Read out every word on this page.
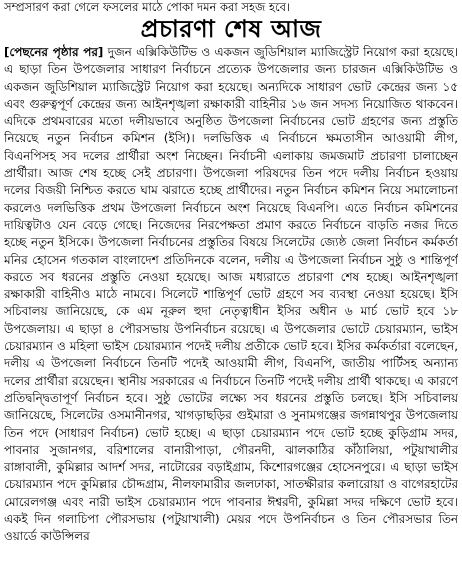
সম্প্রসারণ করা গেলে ফসলের মাঠে পোকা দমন করা সহজ হবে।
প্রচারণা শেষ আজ

[পেছনের পৃষ্ঠার পর] দুজন এক্সিকিউটিভ ও একজন জুডিশিয়াল ম্যাজিস্ট্রেট নিয়োগ করা হয়েছে। এ ছাড়া তিন উপজেলার সাধারণ নির্বাচনে প্রত্যেক উপজেলার জন্য চারজন এক্সিকিউটিভ ও একজন জুডিশিয়াল ম্যাজিস্ট্রেট নিয়োগ করা হয়েছে। অন্যদিকে সাধারণ ভোট কেন্দ্রের জন্য ১৫ এবং গুরুত্বপূর্ণ কেন্দ্রের জন্য আইনশৃঙ্খলা রক্ষাকারী বাহিনীর ১৬ জন সদস্য নিয়োজিত থাকবেন। এদিকে প্রথমবারের মতো দলীয়ভাবে অনুষ্ঠিত উপজেলা নির্বাচনের ভোট গ্রহণের জন্য প্রস্তুতি নিয়েছে নতুন নির্বাচন কমিশন (ইসি)। দলভিত্তিক এ নির্বাচনে ক্ষমতাসীন আওয়ামী লীগ, বিএনপিসহ সব দলের প্রার্থীরা অংশ নিচ্ছেন। নির্বাচনী এলাকায় জমজমাট প্রচারণা চালাচ্ছেন প্রার্থীরা। আজ শেষ হচ্ছে সেই প্রচারণা। উপজেলা পরিষদের তিন পদে দলীয় নির্বাচন হওয়ায় দলের বিজয়ী নিশ্চিত করতে ঘাম ঝরাতে হচ্ছে প্রার্থীদের। নতুন নির্বাচন কমিশন নিয়ে সমালোচনা করলেও দলভিত্তিক প্রথম উপজেলা নির্বাচনে অংশ নিয়েছে বিএনপি। এতে নির্বাচন কমিশনের দায়িত্বটাও যেন বেড়ে গেছে। নিজেদের নিরপেক্ষতা প্রমাণ করতে নির্বাচনে বাড়তি নজর দিতে হচ্ছে নতুন ইসিকে। উপজেলা নির্বাচনের প্রস্তুতির বিষয়ে সিলেটের জ্যেষ্ঠ জেলা নির্বাচন কর্মকর্তা মনির হোসেন গতকাল বাংলাদেশ প্রতিদিনকে বলেন, দলীয় এ উপজেলা নির্বাচন সুষ্ঠু ও শান্তিপূর্ণ করতে সব ধরনের প্রস্তুতি নেওয়া হয়েছে। আজ মধ্যরাতে প্রচারণা শেষ হচ্ছে। আইনশৃঙ্খলা রক্ষাকারী বাহিনীও মাঠে নামবে। সিলেটে শান্তিপূর্ণ ভোট গ্রহণে সব ব্যবস্থা নেওয়া হয়েছে। ইসি সচিবালয় জানিয়েছে, কে এম নূরুল হুদা নেতৃত্বাধীন ইসির অধীন ৬ মার্চ ভোট হবে ১৮ উপজেলায়। এ ছাড়া ৪ পৌরসভায় উপনির্বাচন রয়েছে। এ উপজেলার ভোটে চেয়ারম্যান, ভাইস চেয়ারম্যান ও মহিলা ভাইস চেয়ারম্যান পদেই দলীয় প্রতীকে ভোট হবে। ইসির কর্মকর্তারা বলেছেন, দলীয় এ উপজেলা নির্বাচনে তিনটি পদেই আওয়ামী লীগ, বিএনপি, জাতীয় পার্টিসহ অন্যান্য দলের প্রার্থীরা রয়েছেন। স্থানীয় সরকারের এ নির্বাচনে তিনটি পদেই দলীয় প্রার্থী থাকছে। এ কারণে প্রতিদ্বন্দ্বিতাপূর্ণ নির্বাচন হবে। সুষ্ঠু ভোটের লক্ষ্যে সব ধরনের প্রস্তুতি চলছে। ইসি সচিবালয় জানিয়েছে, সিলেটের ওসমানীনগর, খাগড়াছড়ির গুইমারা ও সুনামগঞ্জের জগন্নাথপুর উপজেলায় তিন পদে (সাধারণ নির্বাচন) ভোট হচ্ছে। এ ছাড়া চেয়ারম্যান পদে ভোট হচ্ছে কুড়িগ্রাম সদর, পাবনার সুজানগর, বরিশালের বানারীপাড়া, গৌরনদী, ঝালকাঠির কাঁঠালিয়া, পটুয়াখালীর রাঙ্গাবালী, কুমিল্লার আদর্শ সদর, নাটোরের বড়াইগ্রাম, কিশোরগঞ্জের হোসেনপুরে। এ ছাড়া ভাইস চেয়ারম্যান পদে কুমিল্লার চৌদ্দগ্রাম, নীলফামারীর জলঢাকা, সাতক্ষীরার কলারোয়া ও বাগেরহাটের মোরেলগঞ্জ এবং নারী ভাইস চেয়ারম্যান পদে পাবনার ঈশ্বরদী, কুমিল্লা সদর দক্ষিণে ভোট হবে। একই দিন গলাচিপা পৌরসভায় (পটুয়াখালী) মেয়র পদে উপনির্বাচন ও তিন পৌরসভার তিন ওয়ার্ডে কাউন্সিলর
